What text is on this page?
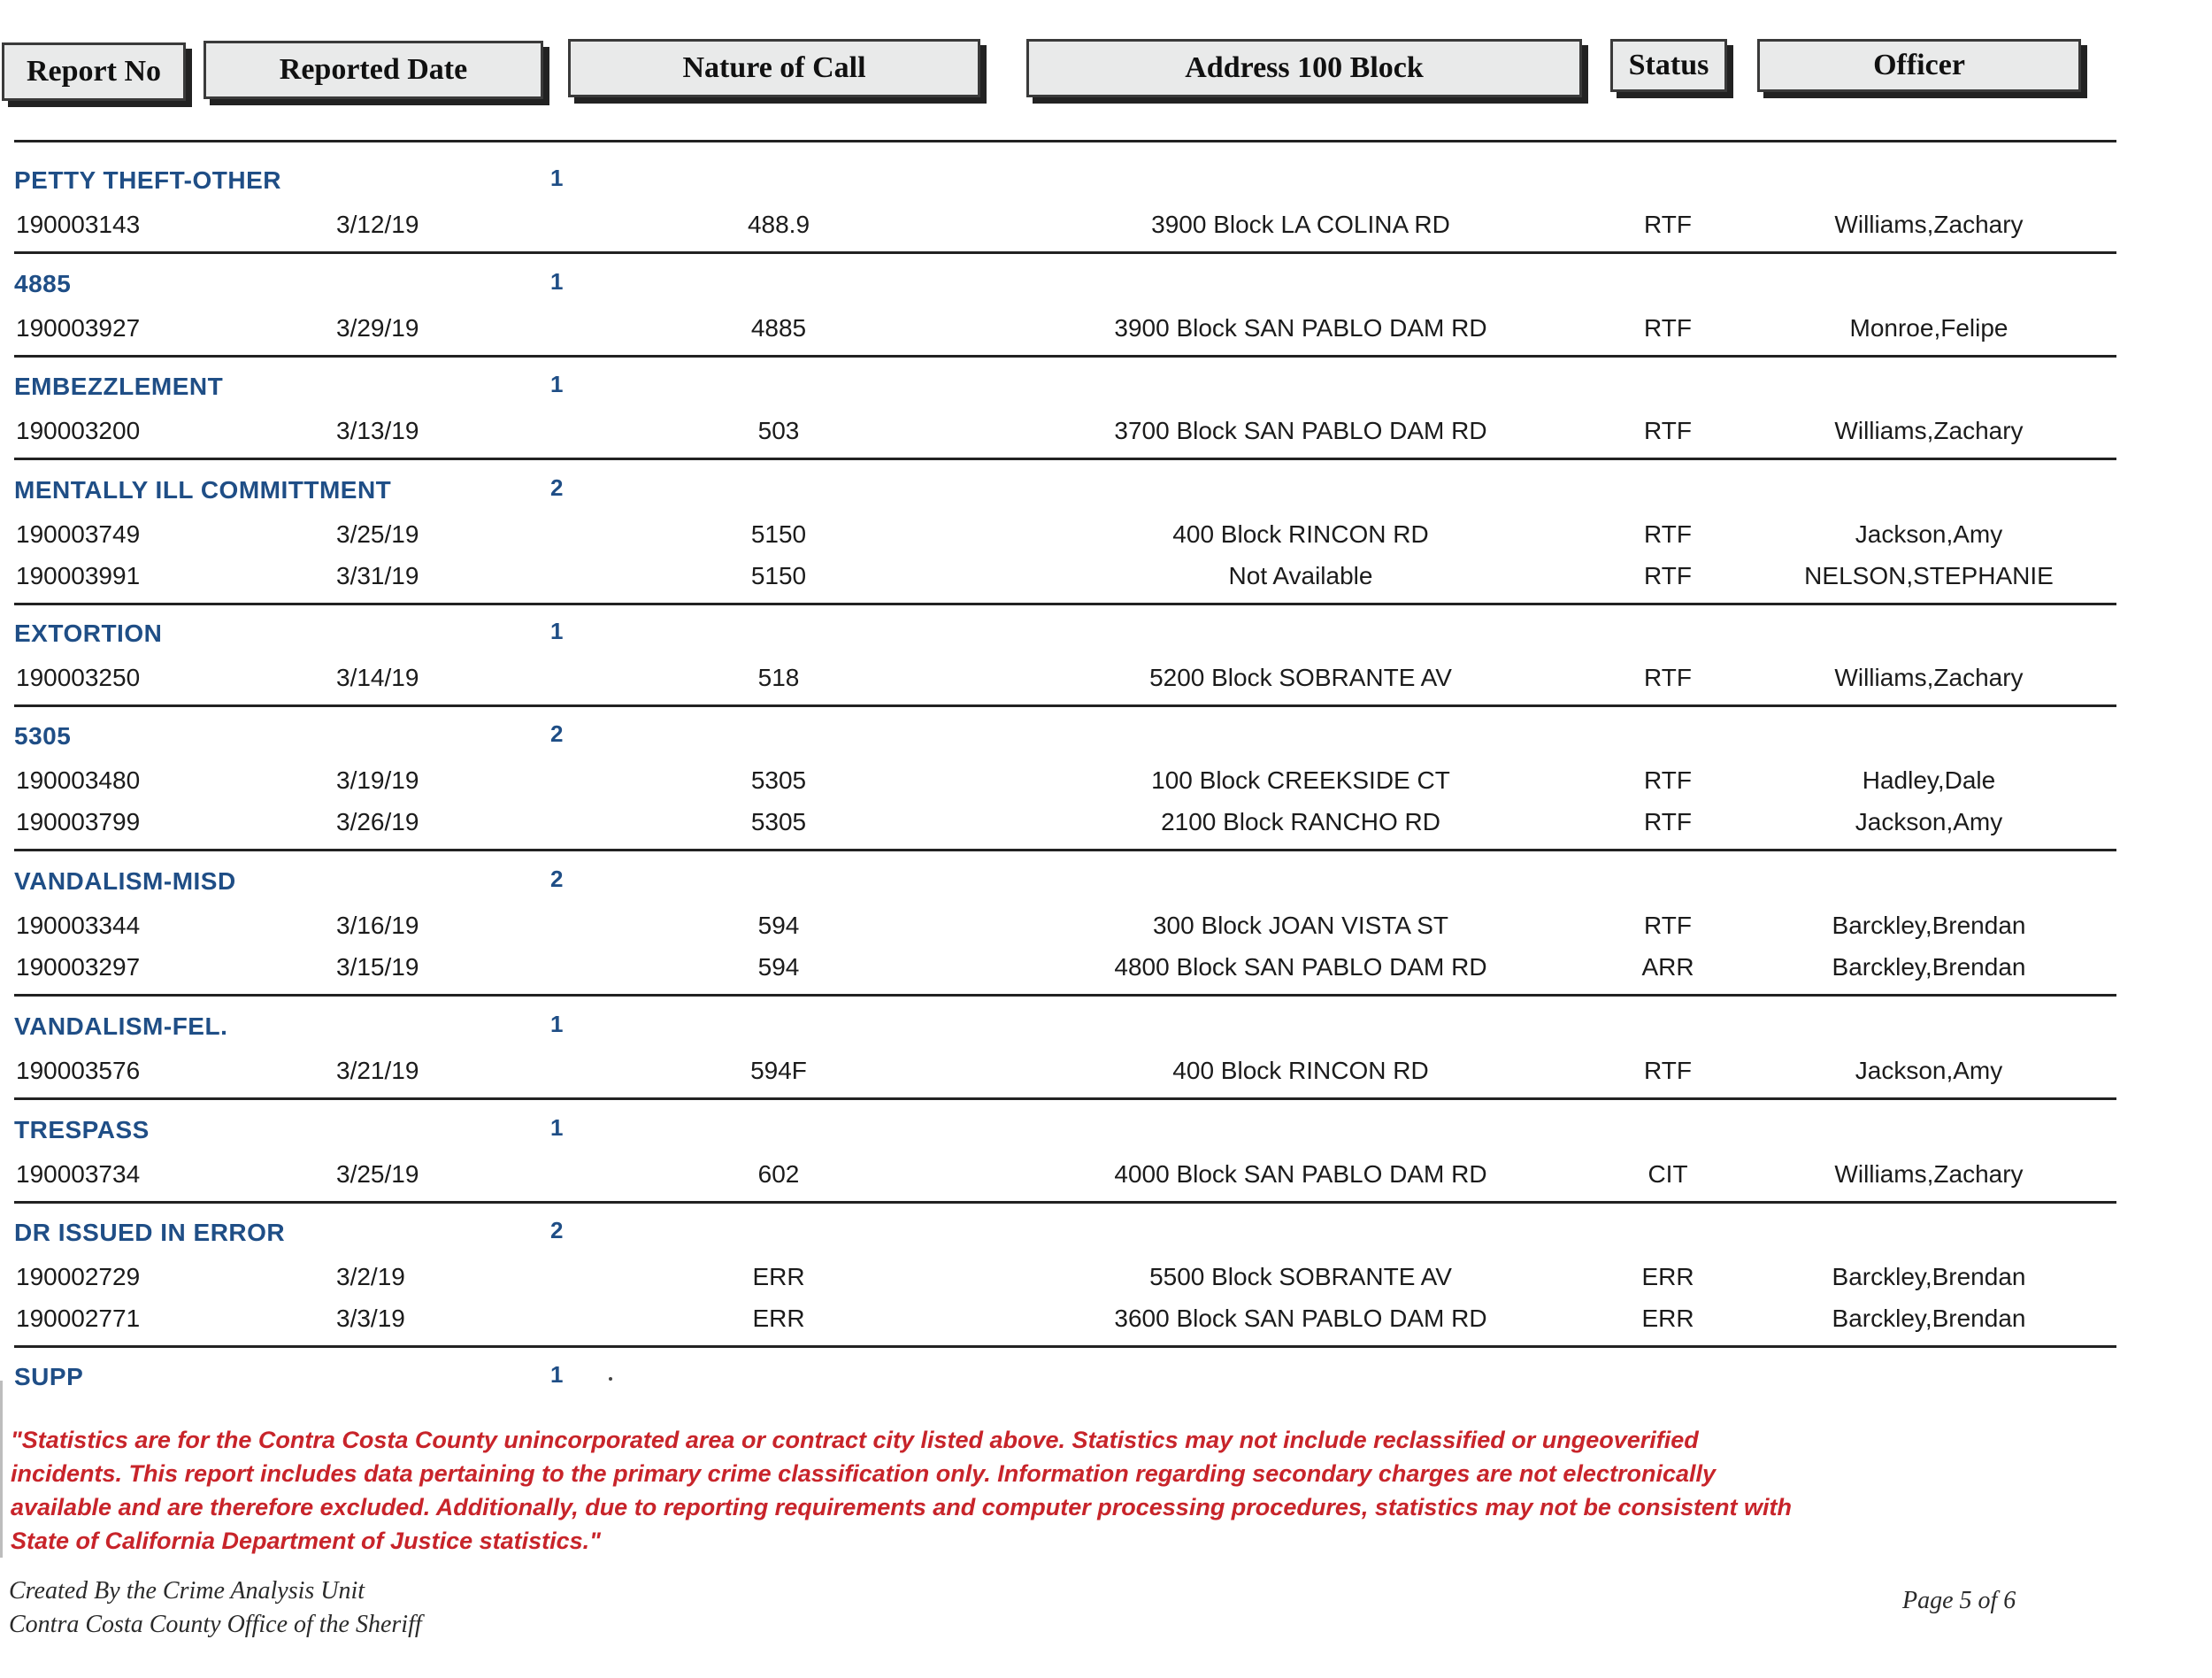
Report No	Reported Date	Nature of Call	Address 100 Block	Status	Officer
PETTY THEFT-OTHER	1
190003143	3/12/19	488.9	3900 Block LA COLINA RD	RTF	Williams,Zachary
4885	1
190003927	3/29/19	4885	3900 Block SAN PABLO DAM RD	RTF	Monroe,Felipe
EMBEZZLEMENT	1
190003200	3/13/19	503	3700 Block SAN PABLO DAM RD	RTF	Williams,Zachary
MENTALLY ILL COMMITTMENT	2
190003749	3/25/19	5150	400 Block RINCON RD	RTF	Jackson,Amy
190003991	3/31/19	5150	Not Available	RTF	NELSON,STEPHANIE
EXTORTION	1
190003250	3/14/19	518	5200 Block SOBRANTE AV	RTF	Williams,Zachary
5305	2
190003480	3/19/19	5305	100 Block CREEKSIDE CT	RTF	Hadley,Dale
190003799	3/26/19	5305	2100 Block RANCHO RD	RTF	Jackson,Amy
VANDALISM-MISD	2
190003344	3/16/19	594	300 Block JOAN VISTA ST	RTF	Barckley,Brendan
190003297	3/15/19	594	4800 Block SAN PABLO DAM RD	ARR	Barckley,Brendan
VANDALISM-FEL.	1
190003576	3/21/19	594F	400 Block RINCON RD	RTF	Jackson,Amy
TRESPASS	1
190003734	3/25/19	602	4000 Block SAN PABLO DAM RD	CIT	Williams,Zachary
DR ISSUED IN ERROR	2
190002729	3/2/19	ERR	5500 Block SOBRANTE AV	ERR	Barckley,Brendan
190002771	3/3/19	ERR	3600 Block SAN PABLO DAM RD	ERR	Barckley,Brendan
SUPP	1
"Statistics are for the Contra Costa County unincorporated area or contract city listed above. Statistics may not include reclassified or ungeoverified incidents. This report includes data pertaining to the primary crime classification only. Information regarding secondary charges are not electronically available and are therefore excluded. Additionally, due to reporting requirements and computer processing procedures, statistics may not be consistent with State of California Department of Justice statistics."
Created By the Crime Analysis Unit
Contra Costa County Office of the Sheriff
Page 5 of 6
